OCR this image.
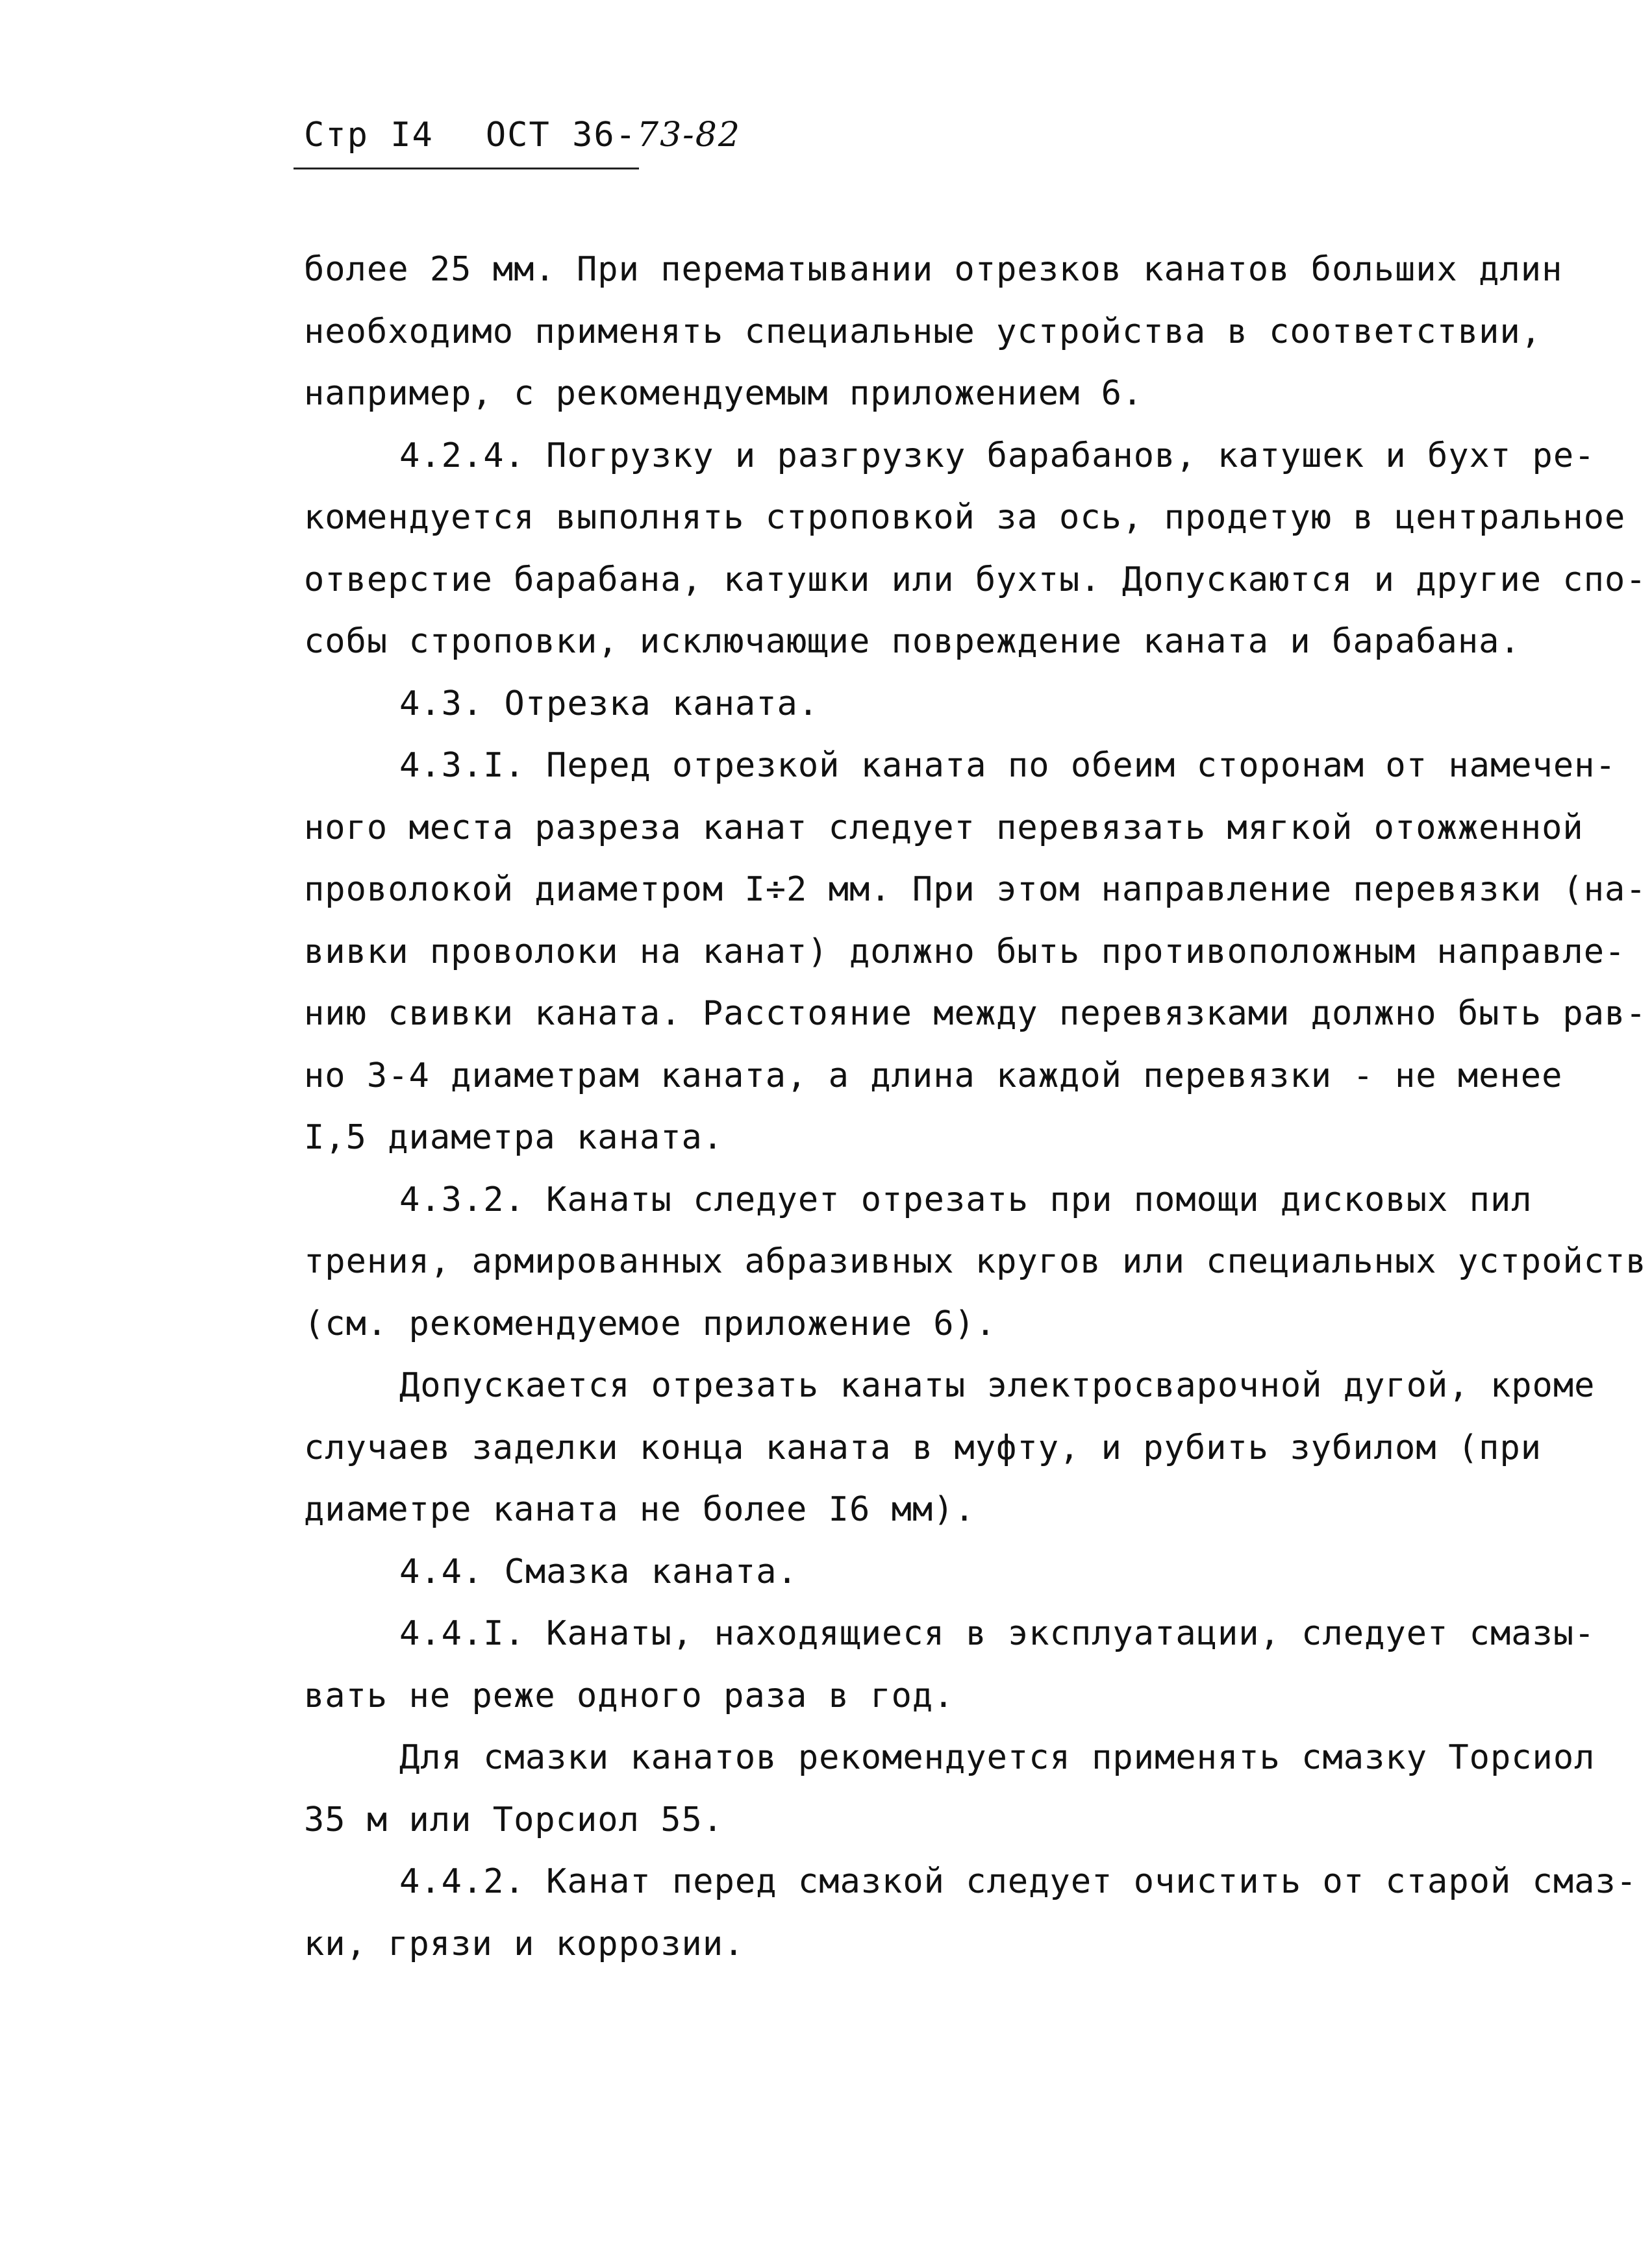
Стр I4 ОСТ 36-73-82
более 25 мм. При перематывании отрезков канатов больших длин
необходимо применять специальные устройства в соответствии,
например, с рекомендуемым приложением 6.
4.2.4. Погрузку и разгрузку барабанов, катушек и бухт ре-
комендуется выполнять строповкой за ось, продетую в центральное
отверстие барабана, катушки или бухты. Допускаются и другие спо-
собы строповки, исключающие повреждение каната и барабана.
4.3. Отрезка каната.
4.3.I. Перед отрезкой каната по обеим сторонам от намечен-
ного места разреза канат следует перевязать мягкой отожженной
проволокой диаметром I÷2 мм. При этом направление перевязки (на-
вивки проволоки на канат) должно быть противоположным направле-
нию свивки каната. Расстояние между перевязками должно быть рав-
но 3-4 диаметрам каната, а длина каждой перевязки - не менее
I,5 диаметра каната.
4.3.2. Канаты следует отрезать при помощи дисковых пил
трения, армированных абразивных кругов или специальных устройств
(см. рекомендуемое приложение 6).
Допускается отрезать канаты электросварочной дугой, кроме
случаев заделки конца каната в муфту, и рубить зубилом (при
диаметре каната не более I6 мм).
4.4. Смазка каната.
4.4.I. Канаты, находящиеся в эксплуатации, следует смазы-
вать не реже одного раза в год.
Для смазки канатов рекомендуется применять смазку Торсиол
35 м или Торсиол 55.
4.4.2. Канат перед смазкой следует очистить от старой смаз-
ки, грязи и коррозии.
